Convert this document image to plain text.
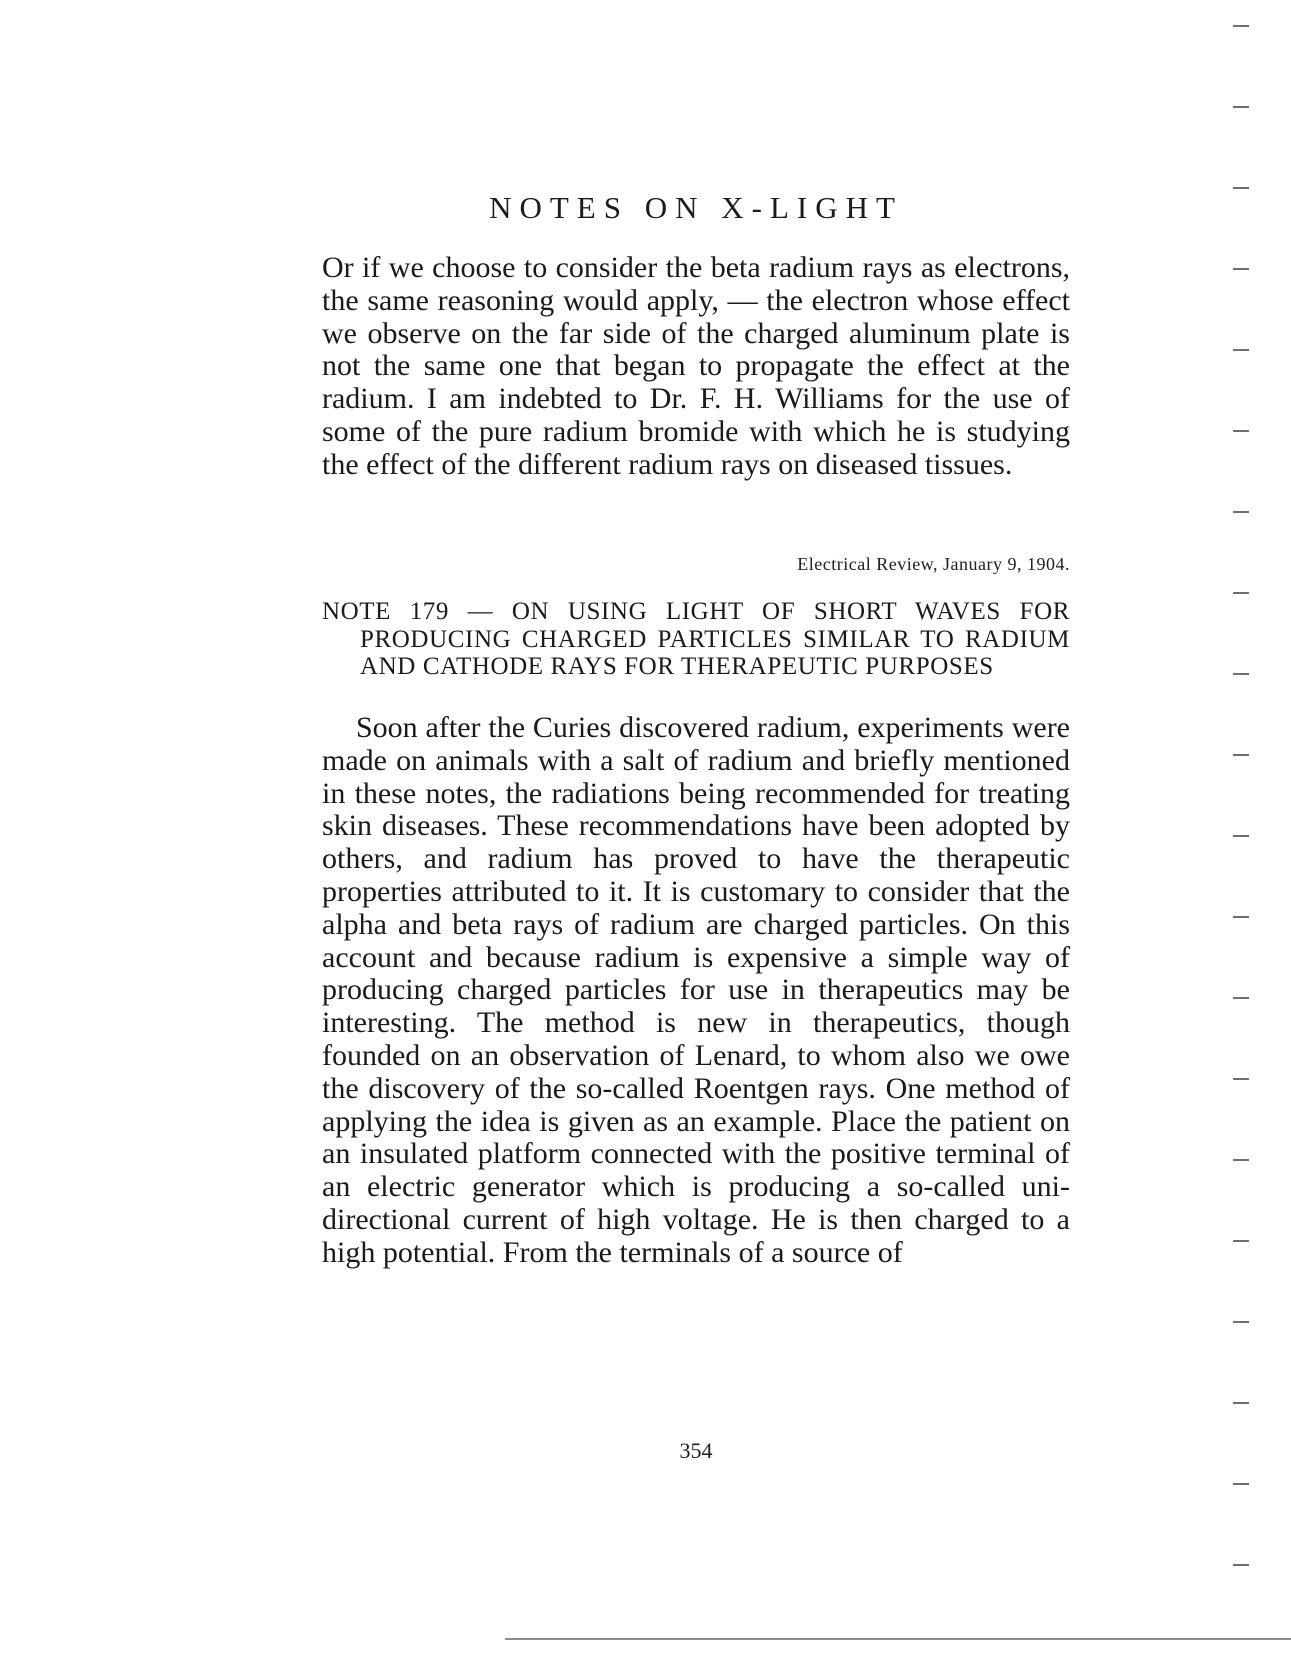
NOTES ON X-LIGHT
Or if we choose to consider the beta radium rays as electrons, the same reasoning would apply, — the electron whose effect we observe on the far side of the charged aluminum plate is not the same one that began to propagate the effect at the radium. I am indebted to Dr. F. H. Williams for the use of some of the pure radium bromide with which he is studying the effect of the different radium rays on diseased tissues.
Electrical Review, January 9, 1904.
NOTE 179 — ON USING LIGHT OF SHORT WAVES FOR PRODUCING CHARGED PARTICLES SIMILAR TO RADIUM AND CATHODE RAYS FOR THERAPEUTIC PURPOSES
Soon after the Curies discovered radium, experiments were made on animals with a salt of radium and briefly mentioned in these notes, the radiations being recommended for treating skin diseases. These recommendations have been adopted by others, and radium has proved to have the therapeutic properties attributed to it. It is customary to consider that the alpha and beta rays of radium are charged particles. On this account and because radium is expensive a simple way of producing charged particles for use in therapeutics may be interesting. The method is new in therapeutics, though founded on an observation of Lenard, to whom also we owe the discovery of the so-called Roentgen rays. One method of applying the idea is given as an example. Place the patient on an insulated platform connected with the positive terminal of an electric generator which is producing a so-called uni-directional current of high voltage. He is then charged to a high potential. From the terminals of a source of
354
